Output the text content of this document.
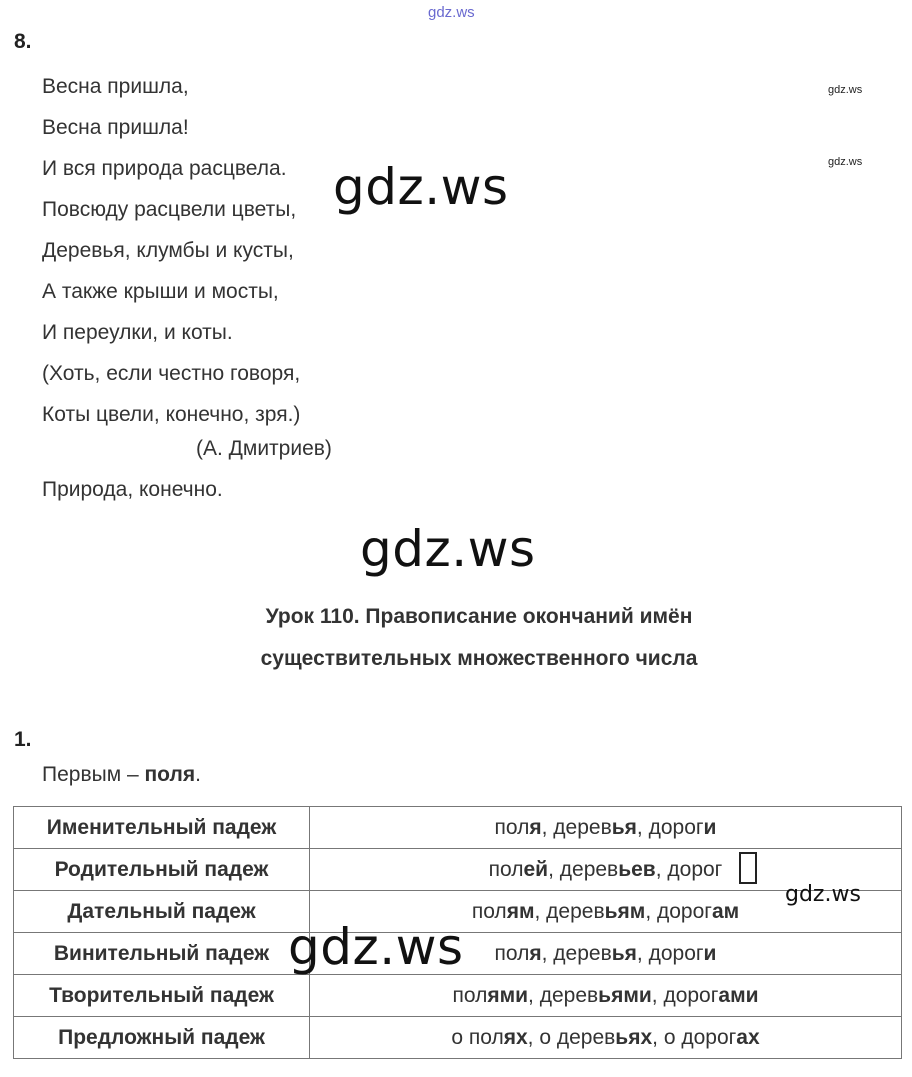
gdz.ws
gdz.ws
gdz.ws
8.
Весна пришла,
Весна пришла!
И вся природа расцвела.
Повсюду расцвели цветы,
Деревья, клумбы и кусты,
А также крыши и мосты,
И переулки, и коты.
(Хоть, если честно говоря,
Коты цвели, конечно, зря.)
(А. Дмитриев)
Природа, конечно.
gdz.ws
gdz.ws
Урок 110. Правописание окончаний имён
существительных множественного числа
1.
Первым – поля.
Именительный падеж	поля, деревья, дороги
Родительный падеж	полей, деревьев, дорог
Дательный падеж	полям, деревьям, дорогам
Винительный падеж	поля, деревья, дороги
Творительный падеж	полями, деревьями, дорогами
Предложный падеж	о полях, о деревьях, о дорогах
gdz.ws
gdz.ws
